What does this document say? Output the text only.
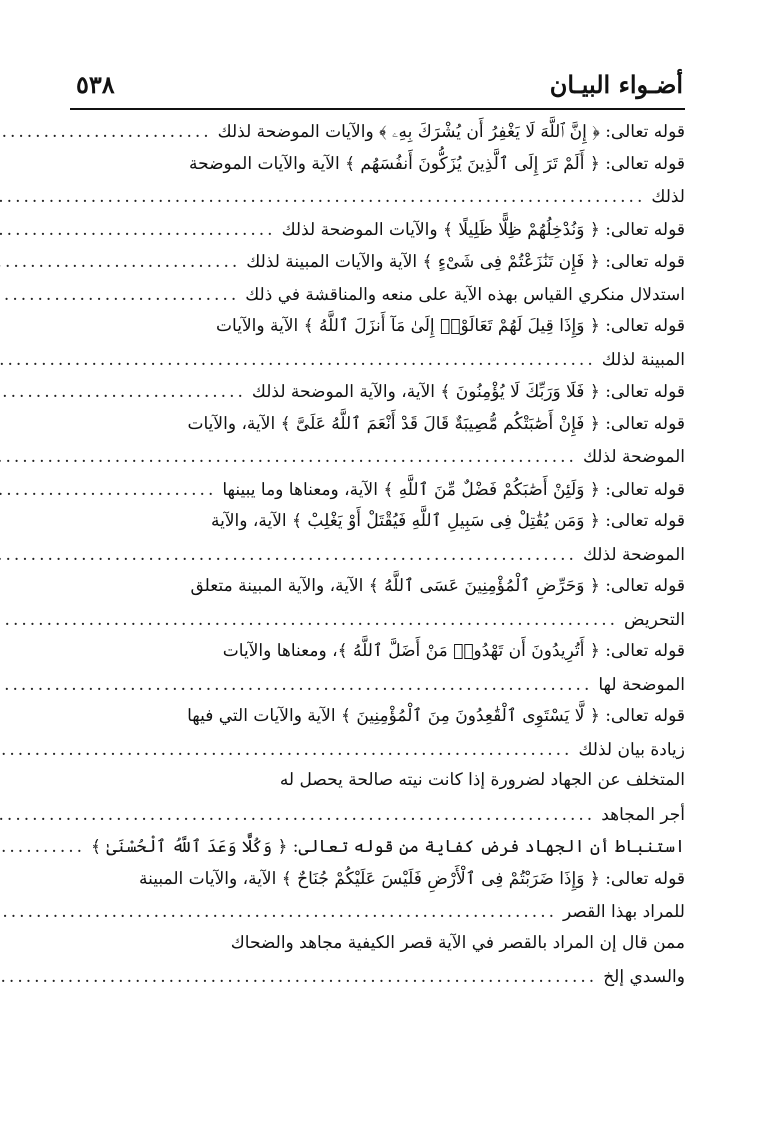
أضـواء البيـان
٥٣٨
قوله تعالى: ﴿ إِنَّ ٱللَّهَ لَا يَغْفِرُ أَن يُشْرَكَ بِهِۦ ﴾ والآيات الموضحة لذلك
.....
قوله تعالى: ﴿ أَلَمْ تَرَ إِلَى ٱلَّذِينَ يُزَكُّونَ أَنفُسَهُم ﴾ الآية والآيات الموضحة
لذلك
.....
قوله تعالى: ﴿ وَنُدْخِلُهُمْ ظِلًّا ظَلِيلًا ﴾ والآيات الموضحة لذلك
.....
قوله تعالى: ﴿ فَإِن تَنَٰزَعْتُمْ فِى شَىْءٍ ﴾ الآية والآيات المبينة لذلك
.....
استدلال منكري القياس بهذه الآية على منعه والمناقشة في ذلك
.....
قوله تعالى: ﴿ وَإِذَا قِيلَ لَهُمْ تَعَالَوْا۟ إِلَىٰ مَآ أَنزَلَ ٱللَّهُ ﴾ الآية والآيات
المبينة لذلك
.....
قوله تعالى: ﴿ فَلَا وَرَبِّكَ لَا يُؤْمِنُونَ ﴾ الآية، والآية الموضحة لذلك
.....
قوله تعالى: ﴿ فَإِنْ أَصَٰبَتْكُم مُّصِيبَةٌ قَالَ قَدْ أَنْعَمَ ٱللَّهُ عَلَىَّ ﴾ الآية، والآيات
الموضحة لذلك
.....
قوله تعالى: ﴿ وَلَئِنْ أَصَٰبَكُمْ فَضْلٌ مِّنَ ٱللَّهِ ﴾ الآية، ومعناها وما يبينها
.....
قوله تعالى: ﴿ وَمَن يُقَٰتِلْ فِى سَبِيلِ ٱللَّهِ فَيُقْتَلْ أَوْ يَغْلِبْ ﴾ الآية، والآية
الموضحة لذلك
.....
قوله تعالى: ﴿ وَحَرِّضِ ٱلْمُؤْمِنِينَ عَسَى ٱللَّهُ ﴾ الآية، والآية المبينة متعلق
التحريض
.....
قوله تعالى: ﴿ أَتُرِيدُونَ أَن تَهْدُوا۟ مَنْ أَضَلَّ ٱللَّهُ ﴾، ومعناها والآيات
الموضحة لها
.....
قوله تعالى: ﴿ لَّا يَسْتَوِى ٱلْقَٰعِدُونَ مِنَ ٱلْمُؤْمِنِينَ ﴾ الآية والآيات التي فيها
زيادة بيان لذلك
.....
المتخلف عن الجهاد لضرورة إذا كانت نيته صالحة يحصل له
أجر المجاهد
.....
استنباط أن الجهاد فرض كفاية من قوله تعالى: ﴿ وَكُلًّا وَعَدَ ٱللَّهُ ٱلْحُسْنَىٰ ﴾
.....
قوله تعالى: ﴿ وَإِذَا ضَرَبْتُمْ فِى ٱلْأَرْضِ فَلَيْسَ عَلَيْكُمْ جُنَاحٌ ﴾ الآية، والآيات المبينة
للمراد بهذا القصر
.....
ممن قال إن المراد بالقصر في الآية قصر الكيفية مجاهد والضحاك
والسدي إلخ
.....
